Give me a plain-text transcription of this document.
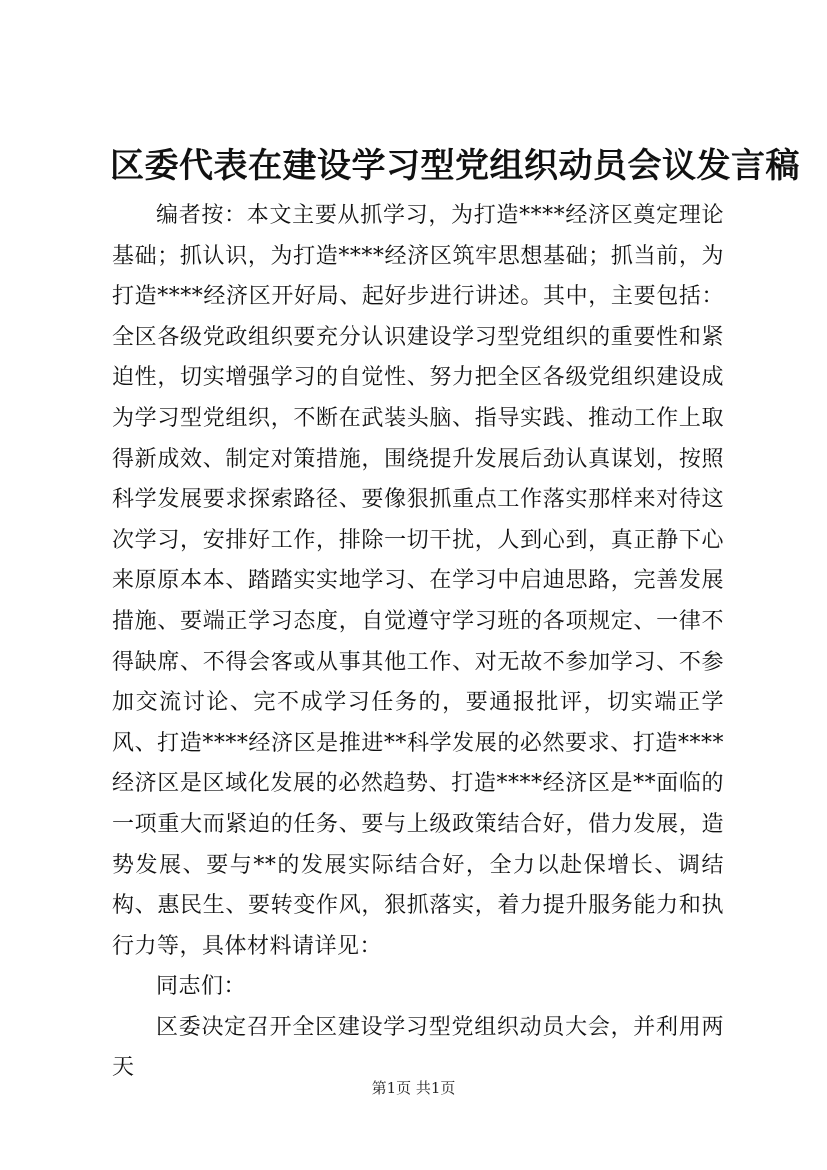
区委代表在建设学习型党组织动员会议发言稿

编者按：本文主要从抓学习，为打造****经济区奠定理论基础；抓认识，为打造****经济区筑牢思想基础；抓当前，为打造****经济区开好局、起好步进行讲述。其中，主要包括：全区各级党政组织要充分认识建设学习型党组织的重要性和紧迫性，切实增强学习的自觉性、努力把全区各级党组织建设成为学习型党组织，不断在武装头脑、指导实践、推动工作上取得新成效、制定对策措施，围绕提升发展后劲认真谋划，按照科学发展要求探索路径、要像狠抓重点工作落实那样来对待这次学习，安排好工作，排除一切干扰，人到心到，真正静下心来原原本本、踏踏实实地学习、在学习中启迪思路，完善发展措施、要端正学习态度，自觉遵守学习班的各项规定、一律不得缺席、不得会客或从事其他工作、对无故不参加学习、不参加交流讨论、完不成学习任务的，要通报批评，切实端正学风、打造****经济区是推进**科学发展的必然要求、打造****经济区是区域化发展的必然趋势、打造****经济区是**面临的一项重大而紧迫的任务、要与上级政策结合好，借力发展，造势发展、要与**的发展实际结合好，全力以赴保增长、调结构、惠民生、要转变作风，狠抓落实，着力提升服务能力和执行力等，具体材料请详见：

同志们：

区委决定召开全区建设学习型党组织动员大会，并利用两天

第1页 共1页
